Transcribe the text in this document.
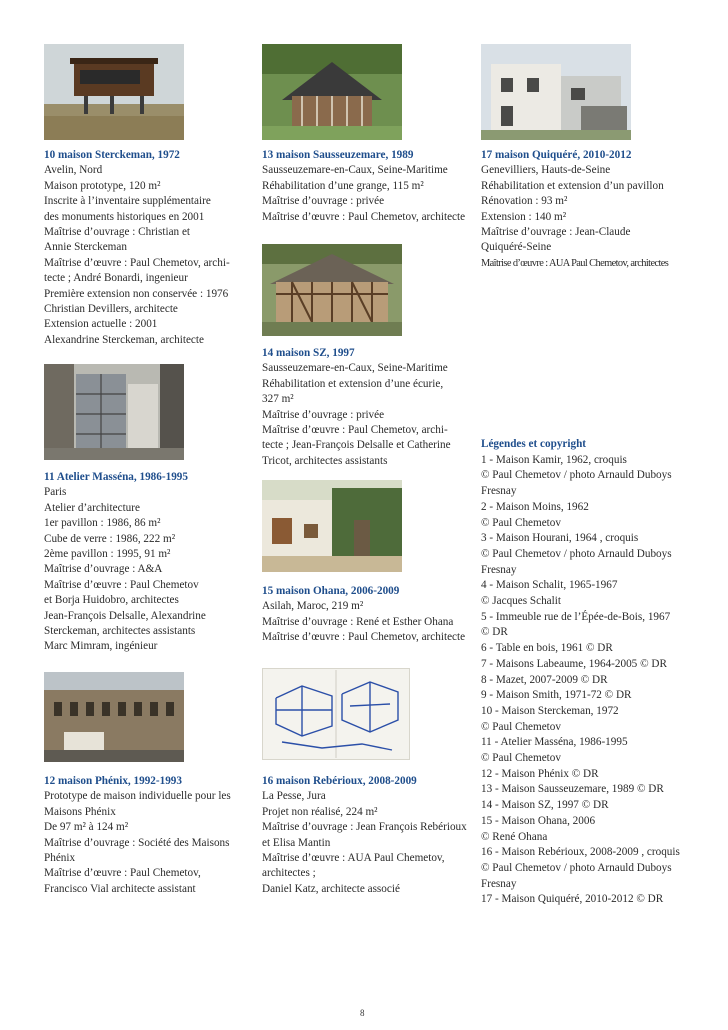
10 maison Sterckeman, 1972
Avelin, Nord
Maison prototype, 120 m²
Inscrite à l’inventaire supplémentaire
des monuments historiques en 2001
Maîtrise d’ouvrage : Christian et
Annie Sterckeman
Maîtrise d’œuvre : Paul Chemetov, archi-
tecte ; André Bonardi, ingenieur
Première extension non conservée : 1976
Christian Devillers, architecte
Extension actuelle : 2001
Alexandrine Sterckeman, architecte
11 Atelier Masséna, 1986-1995
Paris
Atelier d’architecture
1er pavillon : 1986, 86 m²
Cube de verre : 1986, 222 m²
2ème pavillon : 1995, 91 m²
Maîtrise d’ouvrage : A&A
Maîtrise d’œuvre : Paul Chemetov
et Borja Huidobro, architectes
Jean-François Delsalle, Alexandrine
Sterckeman, architectes assistants
Marc Mimram, ingénieur
12 maison Phénix, 1992-1993
Prototype de maison individuelle pour les
Maisons Phénix
De 97 m² à 124 m²
Maîtrise d’ouvrage : Société des Maisons
Phénix
Maîtrise d’œuvre : Paul Chemetov,
Francisco Vial architecte assistant
13 maison Sausseuzemare, 1989
Sausseuzemare-en-Caux, Seine-Maritime
Réhabilitation d’une grange, 115 m²
Maîtrise d’ouvrage : privée
Maîtrise d’œuvre : Paul Chemetov, architecte
14 maison SZ, 1997
Sausseuzemare-en-Caux, Seine-Maritime
Réhabilitation et extension d’une écurie,
327 m²
Maîtrise d’ouvrage : privée
Maîtrise d’œuvre : Paul Chemetov, archi-
tecte ; Jean-François Delsalle et Catherine
Tricot, architectes assistants
15 maison Ohana, 2006-2009
Asilah, Maroc, 219 m²
Maîtrise d’ouvrage : René et Esther Ohana
Maîtrise d’œuvre : Paul Chemetov, architecte
16 maison Rebérioux, 2008-2009
La Pesse, Jura
Projet non réalisé, 224 m²
Maîtrise d’ouvrage : Jean François Rebérioux
et Elisa Mantin
Maîtrise d’œuvre : AUA Paul Chemetov,
architectes ;
Daniel Katz, architecte associé
17 maison Quiquéré, 2010-2012
Genevilliers, Hauts-de-Seine
Réhabilitation et extension d’un pavillon
Rénovation : 93 m²
Extension : 140 m²
Maîtrise d’ouvrage : Jean-Claude
Quiquéré-Seine
Maîtrise d’œuvre : AUA Paul Chemetov, architectes
Légendes et copyright
1 - Maison Kamir, 1962, croquis
© Paul Chemetov / photo Arnauld Duboys
Fresnay
2 - Maison Moins, 1962
© Paul Chemetov
3 - Maison Hourani, 1964 , croquis
© Paul Chemetov / photo Arnauld Duboys
Fresnay
4 - Maison Schalit, 1965-1967
© Jacques Schalit
5 - Immeuble rue de l’Épée-de-Bois, 1967
© DR
6 - Table en bois, 1961 © DR
7 - Maisons Labeaume, 1964-2005 © DR
8 - Mazet, 2007-2009 © DR
9 - Maison Smith, 1971-72 © DR
10 - Maison Sterckeman, 1972
© Paul Chemetov
11 - Atelier Masséna, 1986-1995
© Paul Chemetov
12 - Maison Phénix © DR
13 - Maison Sausseuzemare, 1989 © DR
14 - Maison SZ, 1997 © DR
15 - Maison Ohana, 2006
© René Ohana
16 - Maison Rebérioux, 2008-2009 , croquis
© Paul Chemetov / photo Arnauld Duboys
Fresnay
17 - Maison Quiquéré, 2010-2012 © DR
8
